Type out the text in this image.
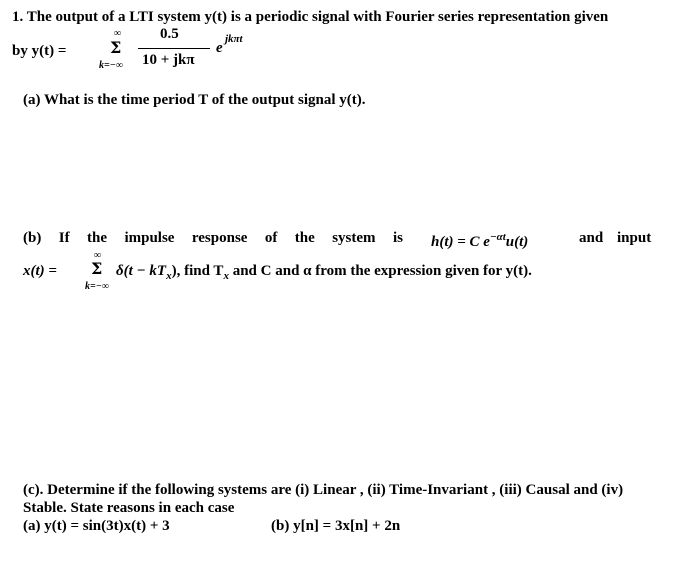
1. The output of a LTI system y(t) is a periodic signal with Fourier series representation given
by y(t) =
∞
Σ
k=−∞
0.5
10 + jkπ
e
jkπt
(a) What is the time period T of the output signal y(t).
(b) If the impulse response of the system is h(t) = C $e^{-\alpha t}u(t)$	and input
x(t) =
∞
Σ
k=−∞
$\delta(t - kT_x)$, find $T_x$ and C and α from the expression given for y(t).
(c). Determine if the following systems are (i) Linear , (ii) Time-Invariant , (iii) Causal and (iv)
Stable. State reasons in each case
(a) y(t) = sin(3t)x(t) + 3	(b) y[n] = 3x[n] + 2n
